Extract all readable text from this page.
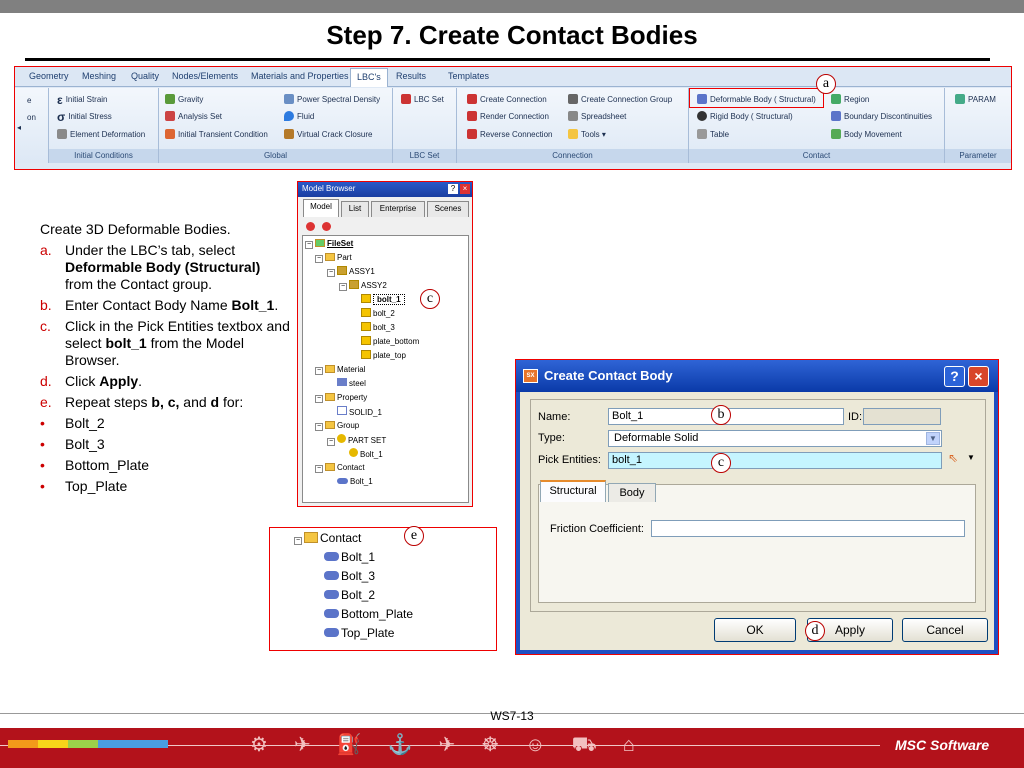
Step 7. Create Contact Bodies
Geometry Meshing Quality Nodes/Elements Materials and Properties LBC's	Results Templates
e
on
◂
ε Initial Strain
σ Initial Stress
Element Deformation
Initial Conditions
Gravity
Analysis Set
Initial Transient Condition
Power Spectral Density
Fluid
Virtual Crack Closure
Global
LBC Set
LBC Set
Create Connection
Render Connection
Reverse Connection
Create Connection Group
Spreadsheet
Tools ▾
Connection
Deformable Body ( Structural)
Rigid Body ( Structural)
Table
Region
Boundary Discontinuities
Body Movement
Contact
PARAM
Parameter
a
Create 3D Deformable Bodies.
a. Under the LBC’s tab, select Deformable Body (Structural) from the Contact group.
b. Enter Contact Body Name Bolt_1.
c.	Click in the Pick Entities textbox and select bolt_1 from the Model Browser.
d. Click Apply.
e. Repeat steps b, c, and d for:
•	Bolt_2
•	Bolt_3
•	Bottom_Plate
•	Top_Plate
Model Browser	? ×
Model	List	Enterprise	Scenes
− FileSet
− Part
− ASSY1
− ASSY2
bolt_1
bolt_2
bolt_3
plate_bottom
plate_top
− Material
steel
− Property
SOLID_1
− Group
− PART SET
Bolt_1
− Contact
Bolt_1
c
− Contact
Bolt_1
Bolt_3
Bolt_2
Bottom_Plate
Top_Plate
e
SX Create Contact Body	?	×
Name:	Bolt_1	ID:
Type:	Deformable Solid	▼
Pick Entities:	bolt_1	⇖ ▼
Structural	Body
Friction Coefficient:
OK	Apply	Cancel
b
c
d
WS7-13
⚙✈⛽⚓✈☸☺⛟⌂	MSC Software
